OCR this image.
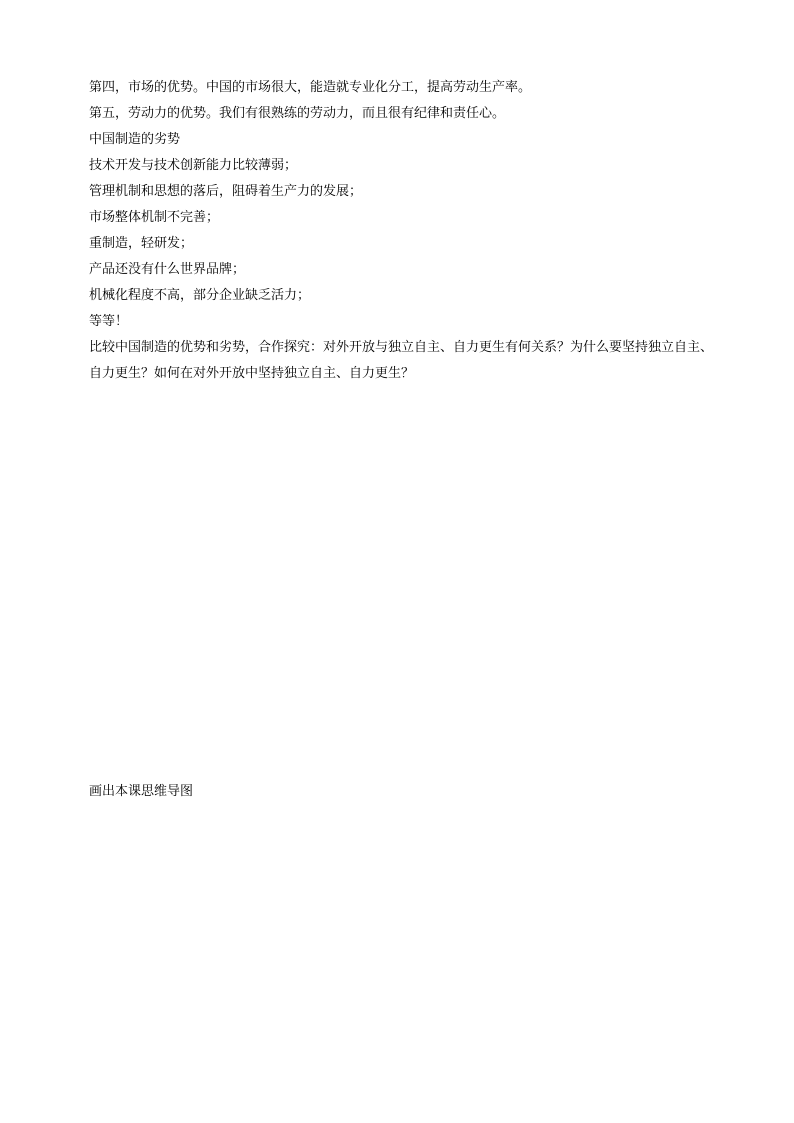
第四，市场的优势。中国的市场很大，能造就专业化分工，提高劳动生产率。

第五，劳动力的优势。我们有很熟练的劳动力，而且很有纪律和责任心。

中国制造的劣势

技术开发与技术创新能力比较薄弱；

管理机制和思想的落后，阻碍着生产力的发展；

市场整体机制不完善；

重制造，轻研发；

产品还没有什么世界品牌；

机械化程度不高，部分企业缺乏活力；

等等！

比较中国制造的优势和劣势，合作探究：对外开放与独立自主、自力更生有何关系？为什么要坚持独立自主、自力更生？如何在对外开放中坚持独立自主、自力更生？

画出本课思维导图
